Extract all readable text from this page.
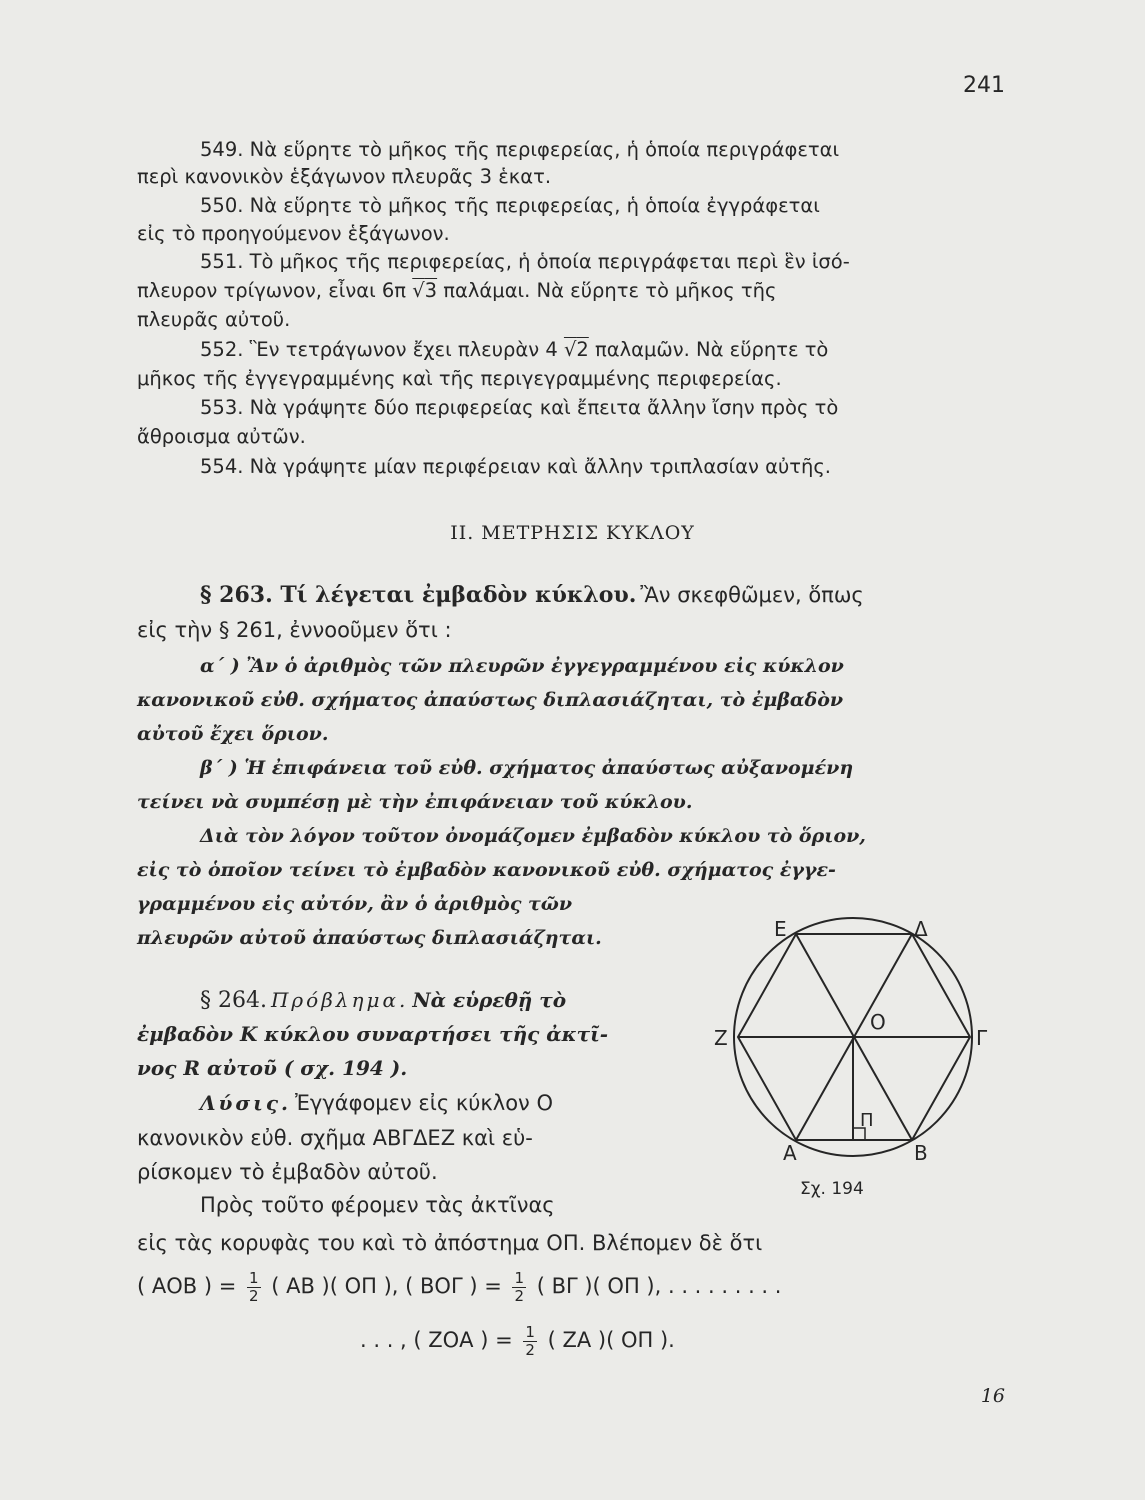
241
549. Νὰ εὕρητε τὸ μῆκος τῆς περιφερείας, ἡ ὁποία περιγράφεται
περὶ κανονικὸν ἑξάγωνον πλευρᾶς 3 ἑκατ.
550. Νὰ εὕρητε τὸ μῆκος τῆς περιφερείας, ἡ ὁποία ἐγγράφεται
εἰς τὸ προηγούμενον ἑξάγωνον.
551. Τὸ μῆκος τῆς περιφερείας, ἡ ὁποία περιγράφεται περὶ ἓν ἰσό-
πλευρον τρίγωνον, εἶναι 6π √3 παλάμαι. Νὰ εὕρητε τὸ μῆκος τῆς
πλευρᾶς αὐτοῦ.
552. Ἓν τετράγωνον ἔχει πλευρὰν 4 √2 παλαμῶν. Νὰ εὕρητε τὸ
μῆκος τῆς ἐγγεγραμμένης καὶ τῆς περιγεγραμμένης περιφερείας.
553. Νὰ γράψητε δύο περιφερείας καὶ ἔπειτα ἄλλην ἴσην πρὸς τὸ
ἄθροισμα αὐτῶν.
554. Νὰ γράψητε μίαν περιφέρειαν καὶ ἄλλην τριπλασίαν αὐτῆς.
II. ΜΕΤΡΗΣΙΣ ΚΥΚΛΟΥ
§ 263. Τί λέγεται ἐμβαδὸν κύκλου. Ἂν σκεφθῶμεν, ὅπως
εἰς τὴν § 261, ἐννοοῦμεν ὅτι :
α΄ ) Ἂν ὁ ἀριθμὸς τῶν πλευρῶν ἐγγεγραμμένου εἰς κύκλον
κανονικοῦ εὐθ. σχήματος ἀπαύστως διπλασιάζηται, τὸ ἐμβαδὸν
αὐτοῦ ἔχει ὅριον.
β΄ ) Ἡ ἐπιφάνεια τοῦ εὐθ. σχήματος ἀπαύστως αὐξανομένη
τείνει νὰ συμπέσῃ μὲ τὴν ἐπιφάνειαν τοῦ κύκλου.
Διὰ τὸν λόγον τοῦτον ὀνομάζομεν ἐμβαδὸν κύκλου τὸ ὅριον,
εἰς τὸ ὁποῖον τείνει τὸ ἐμβαδὸν κανονικοῦ εὐθ. σχήματος ἐγγε-
γραμμένου εἰς αὐτόν, ἂν ὁ ἀριθμὸς τῶν
πλευρῶν αὐτοῦ ἀπαύστως διπλασιάζηται.
§ 264. Πρόβλημα. Νὰ εὑρεθῇ τὸ
ἐμβαδὸν Κ κύκλου συναρτήσει τῆς ἀκτῖ-
νος R αὐτοῦ ( σχ. 194 ).
Λύσις. Ἐγγάφομεν εἰς κύκλον Ο
κανονικὸν εὐθ. σχῆμα ΑΒΓΔΕΖ καὶ εὑ-
ρίσκομεν τὸ ἐμβαδὸν αὐτοῦ.
Πρὸς τοῦτο φέρομεν τὰς ἀκτῖνας
εἰς τὰς κορυφὰς του καὶ τὸ ἀπόστημα ΟΠ. Βλέπομεν δὲ ὅτι
( ΑΟΒ ) = $\frac{1}{2}$ ( ΑΒ )( ΟΠ ), ( ΒΟΓ ) = $\frac{1}{2}$ ( ΒΓ )( ΟΠ ), . . . . . . . . .
. . . , ( ΖΟΑ ) = $\frac{1}{2}$ ( ΖΑ )( ΟΠ ).
Ε	Δ
Ζ
Ο
Γ
Π
Α	Β
Σχ. 194
16
